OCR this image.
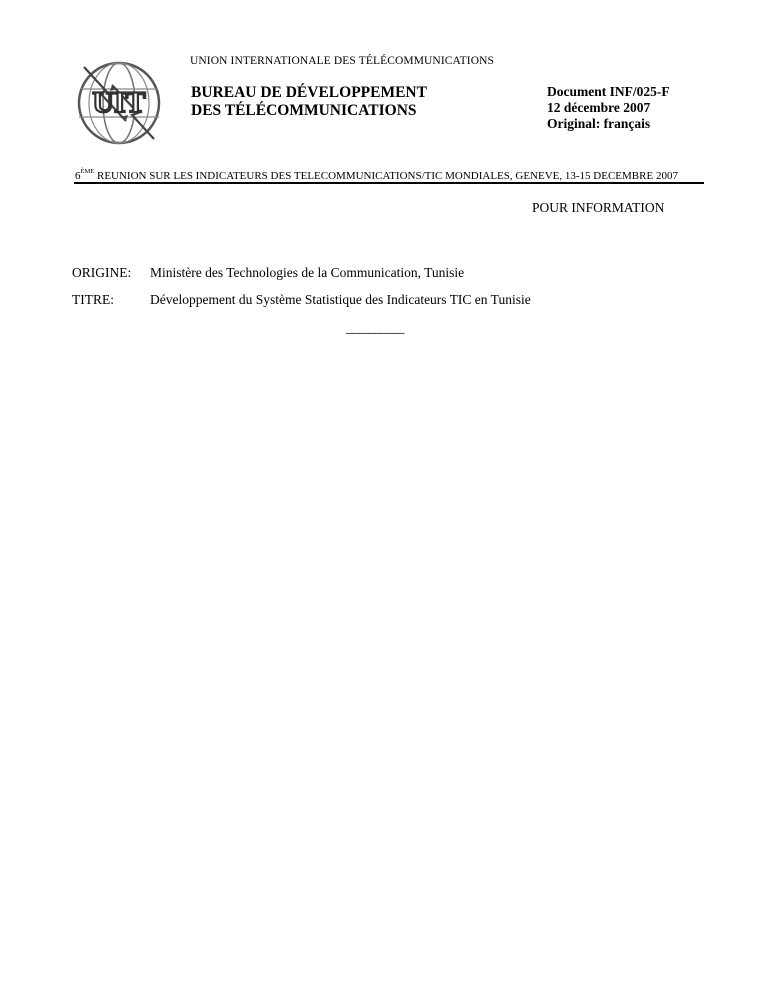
UNION INTERNATIONALE DES TÉLÉCOMMUNICATIONS
UIT	BUREAU DE DÉVELOPPEMENT
DES TÉLÉCOMMUNICATIONS
Document INF/025-F
12 décembre 2007
Original: français
6ÈME REUNION SUR LES INDICATEURS DES TELECOMMUNICATIONS/TIC MONDIALES, GENEVE, 13-15 DECEMBRE 2007
POUR INFORMATION
ORIGINE: Ministère des Technologies de la Communication, Tunisie
TITRE:	Développement du Système Statistique des Indicateurs TIC en Tunisie
__________
